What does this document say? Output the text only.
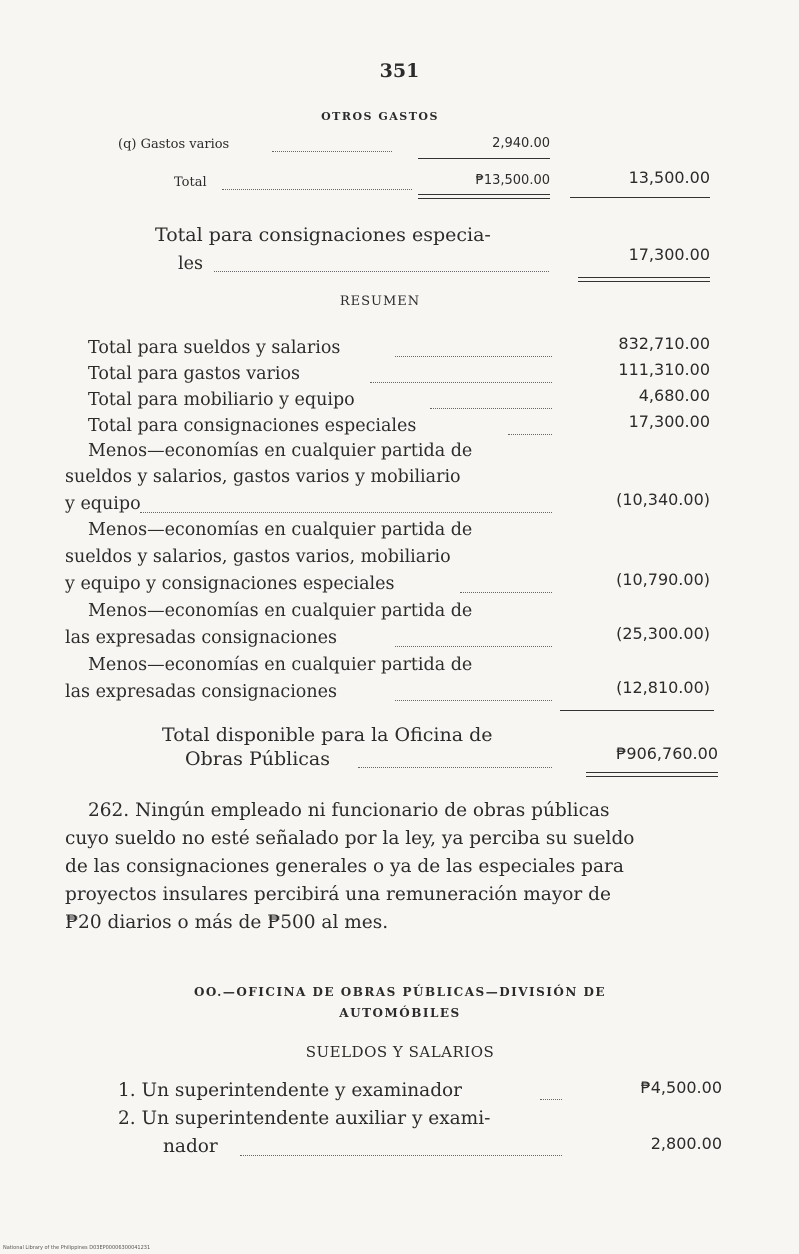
351
OTROS GASTOS
(q) Gastos varios	2,940.00
Total	₱13,500.00	13,500.00
Total para consignaciones especia-
les	17,300.00
RESUMEN
Total para sueldos y salarios	832,710.00
Total para gastos varios	111,310.00
Total para mobiliario y equipo	4,680.00
Total para consignaciones especiales	17,300.00
Menos—economías en cualquier partida de
sueldos y salarios, gastos varios y mobiliario
y equipo	(10,340.00)
Menos—economías en cualquier partida de
sueldos y salarios, gastos varios, mobiliario
y equipo y consignaciones especiales	(10,790.00)
Menos—economías en cualquier partida de
las expresadas consignaciones	(25,300.00)
Menos—economías en cualquier partida de
las expresadas consignaciones	(12,810.00)
Total disponible para la Oficina de
Obras Públicas	₱906,760.00
262. Ningún empleado ni funcionario de obras públicas
cuyo sueldo no esté señalado por la ley, ya perciba su sueldo
de las consignaciones generales o ya de las especiales para
proyectos insulares percibirá una remuneración mayor de
₱20 diarios o más de ₱500 al mes.
OO.—OFICINA DE OBRAS PÚBLICAS—DIVISIÓN DE
AUTOMÓBILES
SUELDOS Y SALARIOS
1. Un superintendente y examinador	₱4,500.00
2. Un superintendente auxiliar y exami-
nador	2,800.00
National Library of the Philippines D03EP00006300041231
